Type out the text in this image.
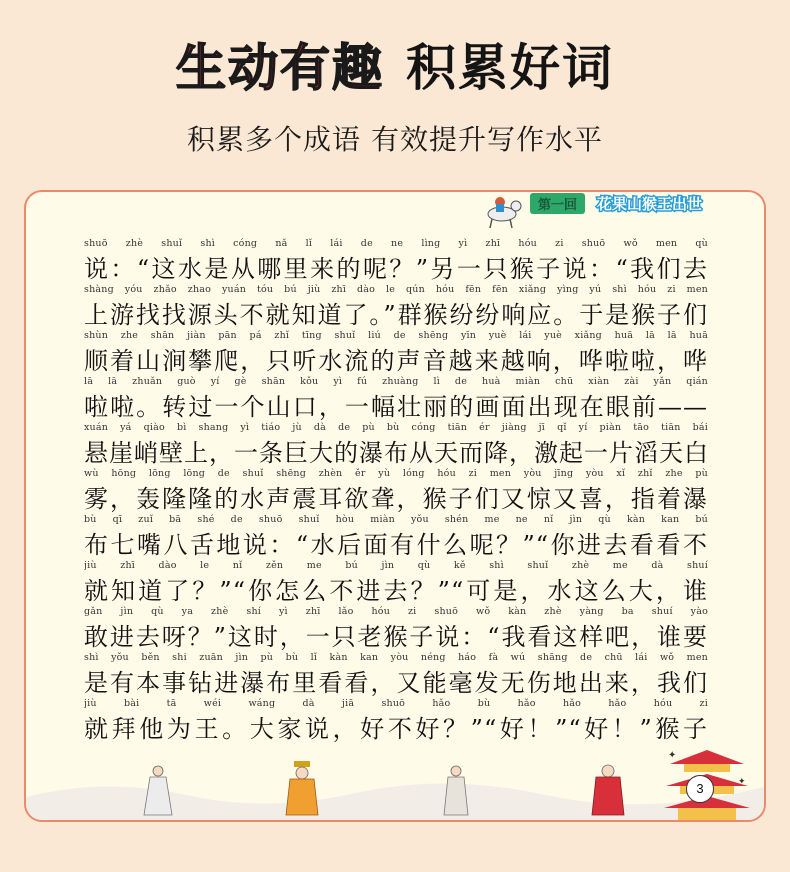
生动有趣 积累好词
积累多个成语 有效提升写作水平
第一回	花果山猴王出世
✦
✦
3
shuō zhè shuǐ shì cóng nǎ lǐ lái de ne lìng yì zhī hóu zi shuō wǒ men qù
说：“这水是从哪里来的呢？”另一只猴子说：“我们去
shàng yóu zhǎo zhao yuán tóu bú jiù zhī dào le qún hóu fēn fēn xiǎng yìng yú shì hóu zi men
上游找找源头不就知道了。”群猴纷纷响应。于是猴子们
shùn zhe shān jiàn pān pá zhǐ tīng shuǐ liú de shēng yīn yuè lái yuè xiǎng huā lā lā huā
顺着山涧攀爬，只听水流的声音越来越响，哗啦啦，哗
lā lā zhuǎn guò yí gè shān kǒu yì fú zhuàng lì de huà miàn chū xiàn zài yǎn qián
啦啦。转过一个山口，一幅壮丽的画面出现在眼前——
xuán yá qiào bì shang yì tiáo jù dà de pù bù cóng tiān ér jiàng jī qǐ yí piàn tāo tiān bái
悬崖峭壁上，一条巨大的瀑布从天而降，激起一片滔天白
wù hōng lōng lōng de shuǐ shēng zhèn ěr yù lóng hóu zi men yòu jīng yòu xǐ zhǐ zhe pù
雾，轰隆隆的水声震耳欲聋，猴子们又惊又喜，指着瀑
bù qī zuǐ bā shé de shuō shuǐ hòu miàn yǒu shén me ne nǐ jìn qù kàn kan bú
布七嘴八舌地说：“水后面有什么呢？”“你进去看看不
jiù zhī dào le nǐ zěn me bú jìn qù kě shì shuǐ zhè me dà shuí
就知道了？”“你怎么不进去？”“可是，水这么大，谁
gǎn jìn qù ya zhè shí yì zhī lǎo hóu zi shuō wǒ kàn zhè yàng ba shuí yào
敢进去呀？”这时，一只老猴子说：“我看这样吧，谁要
shì yǒu běn shi zuān jìn pù bù lǐ kàn kan yòu néng háo fà wú shāng de chū lái wǒ men
是有本事钻进瀑布里看看，又能毫发无伤地出来，我们
jiù bài tā wéi wáng dà jiā shuō hǎo bù hǎo hǎo hǎo hóu zi
就拜他为王。大家说，好不好？”“好！”“好！”猴子
